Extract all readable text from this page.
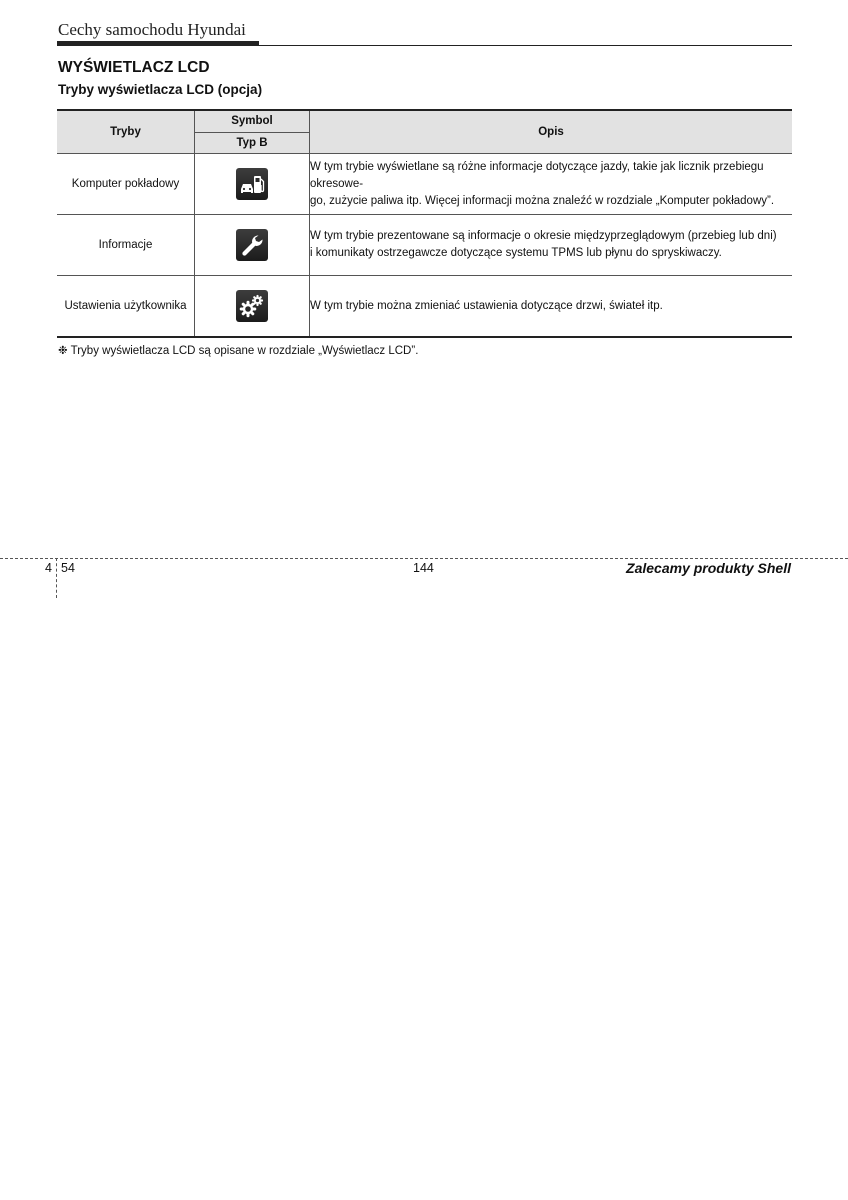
Cechy samochodu Hyundai
WYŚWIETLACZ LCD
Tryby wyświetlacza LCD (opcja)
Tryby	Symbol	Opis
	Typ B	
Komputer pokładowy		W tym trybie wyświetlane są różne informacje dotyczące jazdy, takie jak licznik przebiegu okresowe-
go, zużycie paliwa itp. Więcej informacji można znaleźć w rozdziale „Komputer pokładowy”.

Informacje		W tym trybie prezentowane są informacje o okresie międzyprzeglądowym (przebieg lub dni)
i komunikaty ostrzegawcze dotyczące systemu TPMS lub płynu do spryskiwaczy.

Ustawienia użytkownika		W tym trybie można zmieniać ustawienia dotyczące drzwi, świateł itp.
❉ Tryby wyświetlacza LCD są opisane w rozdziale „Wyświetlacz LCD”.
4 54	144	Zalecamy produkty Shell
